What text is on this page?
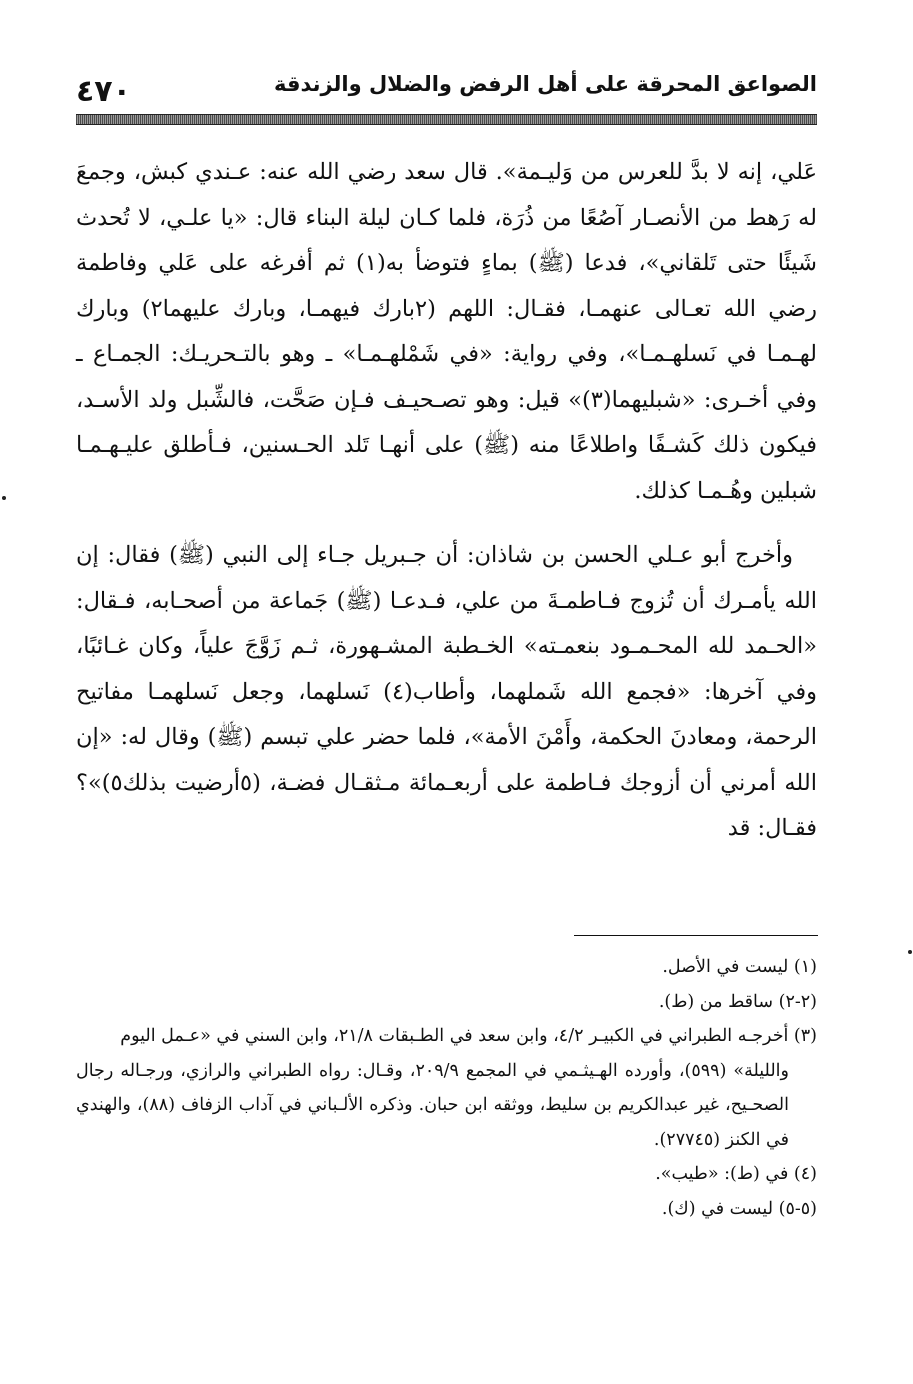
٤٧٠	الصواعق المحرقة على أهل الرفض والضلال والزندقة

عَلي، إنه لا بدَّ للعرس من وَليـمة». قال سعد رضي الله عنه: عـندي كبش، وجمعَ له رَهط من الأنصـار آصُعًا من ذُرَة، فلما كـان ليلة البناء قال: «يا علـي، لا تُحدث شَيئًا حتى تَلقاني»، فدعا (ﷺ) بماءٍ فتوضأ به(١) ثم أفرغه على عَلي وفاطمة رضي الله تعـالى عنهمـا، فقـال: اللهم (٢بارك فيهمـا، وبارك عليهما٢) وبارك لهـمـا في نَسلهـمـا»، وفي رواية: «في شَمْلهـمـا» ـ وهو بالتـحريـك: الجمـاع ـ وفي أخـرى: «شبليهما(٣)» قيل: وهو تصـحيـف فـإن صَحَّت، فالشِّبل ولد الأسـد، فيكون ذلك كَشـفًا واطلاعًا منه (ﷺ) على أنهـا تَلد الحـسنين، فـأطلق عليـهـمـا شبلين وهُـمـا كذلك.

وأخرج أبو عـلي الحسن بن شاذان: أن جـبريل جـاء إلى النبي (ﷺ) فقال: إن الله يأمـرك أن تُزوج فـاطمـةَ من علي، فـدعـا (ﷺ) جَماعة من أصحـابه، فـقال: «الحـمد لله المحـمـود بنعمـته» الخـطبة المشـهورة، ثـم زَوَّجَ علياً، وكان غـائبًا، وفي آخرها: «فجمع الله شَملهما، وأطاب(٤) نَسلهما، وجعل نَسلهمـا مفاتيح الرحمة، ومعادنَ الحكمة، وأَمْنَ الأمة»، فلما حضر علي تبسم (ﷺ) وقال له: «إن الله أمرني أن أزوجك فـاطمة على أربعـمائة مـثقـال فضـة، (٥أرضيت بذلك٥)»؟ فقـال: قد

(١) ليست في الأصل.

(٢-٢) ساقط من (ط).

(٣) أخرجـه الطبراني في الكبيـر ٤/٢، وابن سعد في الطـبقات ٢١/٨، وابن السني في «عـمل اليوم
والليلة» (٥٩٩)، وأورده الهـيثـمي في المجمع ٢٠٩/٩، وقـال: رواه الطبراني والرازي، ورجـاله رجال الصحـيح، غير عبدالكريم بن سليط، ووثقه ابن حبان. وذكره الألـباني في آداب الزفاف (٨٨)، والهندي في الكنز (٢٧٧٤٥).

(٤) في (ط): «طيب».

(٥-٥) ليست في (ك).
